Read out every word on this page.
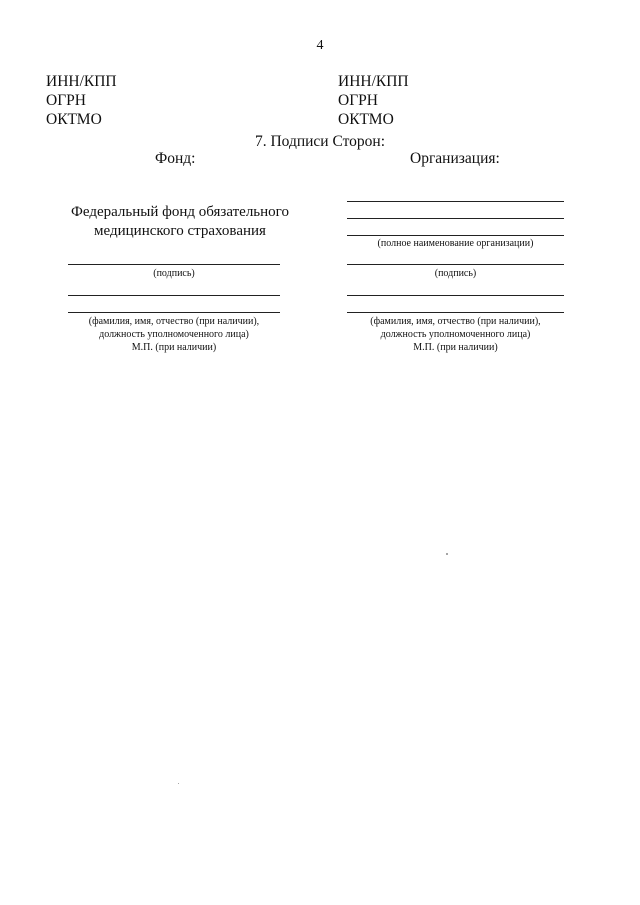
4
ИНН/КПП
ОГРН
ОКТМО
ИНН/КПП
ОГРН
ОКТМО
7. Подписи Сторон:
Фонд:	Организация:
Федеральный фонд обязательного
медицинского страхования
(подпись)
(фамилия, имя, отчество (при наличии),
должность уполномоченного лица)
М.П. (при наличии)
(полное наименование организации)
(подпись)
(фамилия, имя, отчество (при наличии),
должность уполномоченного лица)
М.П. (при наличии)
